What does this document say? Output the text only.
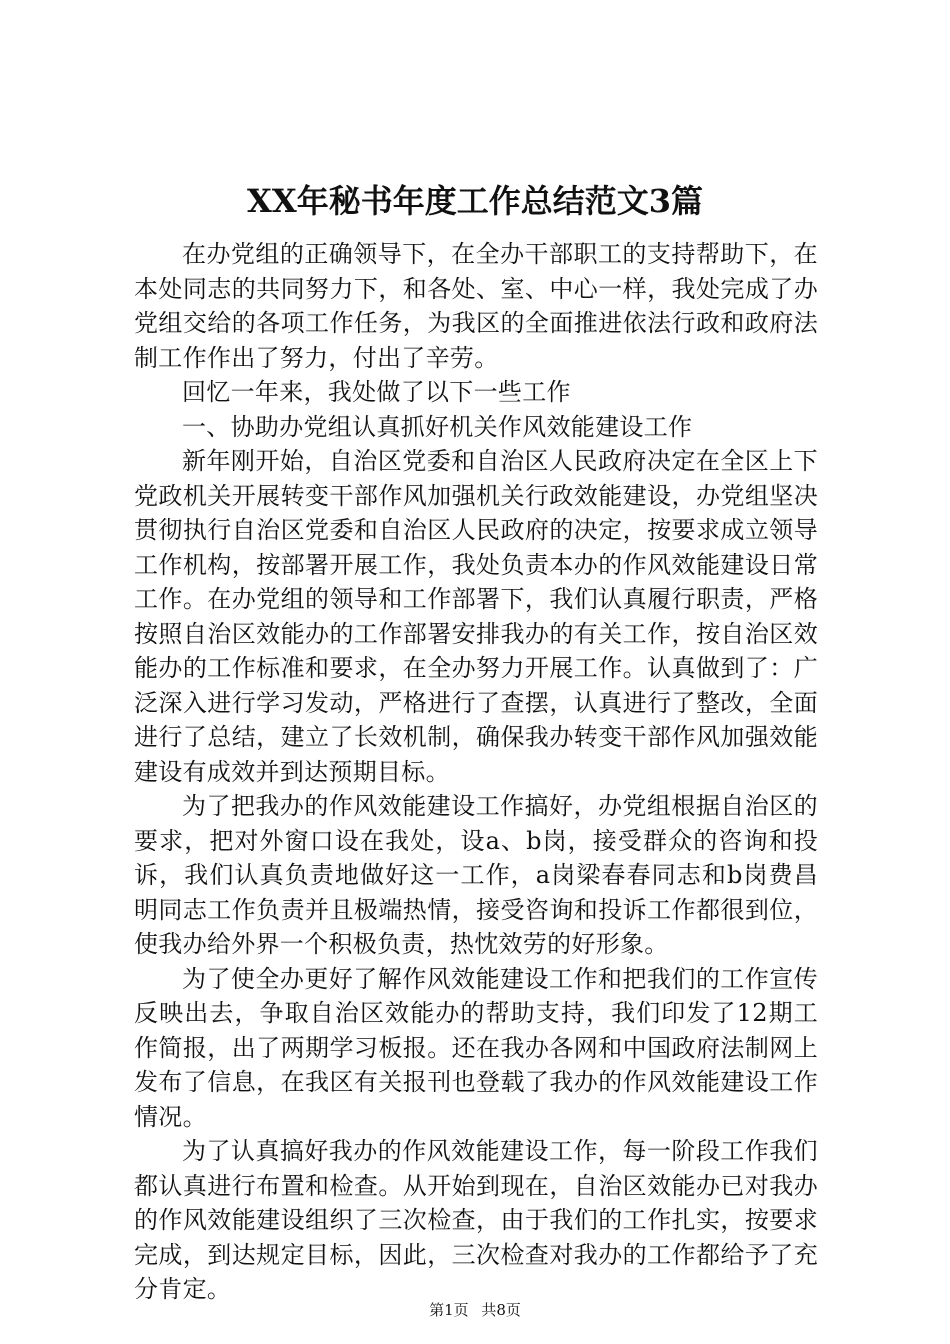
XX年秘书年度工作总结范文3篇

在办党组的正确领导下，在全办干部职工的支持帮助下，在本处同志的共同努力下，和各处、室、中心一样，我处完成了办党组交给的各项工作任务，为我区的全面推进依法行政和政府法制工作作出了努力，付出了辛劳。

回忆一年来，我处做了以下一些工作

一、协助办党组认真抓好机关作风效能建设工作

新年刚开始，自治区党委和自治区人民政府决定在全区上下党政机关开展转变干部作风加强机关行政效能建设，办党组坚决贯彻执行自治区党委和自治区人民政府的决定，按要求成立领导工作机构，按部署开展工作，我处负责本办的作风效能建设日常工作。在办党组的领导和工作部署下，我们认真履行职责，严格按照自治区效能办的工作部署安排我办的有关工作，按自治区效能办的工作标准和要求，在全办努力开展工作。认真做到了：广泛深入进行学习发动，严格进行了查摆，认真进行了整改，全面进行了总结，建立了长效机制，确保我办转变干部作风加强效能建设有成效并到达预期目标。

为了把我办的作风效能建设工作搞好，办党组根据自治区的要求，把对外窗口设在我处，设a、b岗，接受群众的咨询和投诉，我们认真负责地做好这一工作，a岗梁春春同志和b岗费昌明同志工作负责并且极端热情，接受咨询和投诉工作都很到位，使我办给外界一个积极负责，热忱效劳的好形象。

为了使全办更好了解作风效能建设工作和把我们的工作宣传反映出去，争取自治区效能办的帮助支持，我们印发了12期工作简报，出了两期学习板报。还在我办各网和中国政府法制网上发布了信息，在我区有关报刊也登载了我办的作风效能建设工作情况。

为了认真搞好我办的作风效能建设工作，每一阶段工作我们都认真进行布置和检查。从开始到现在，自治区效能办已对我办的作风效能建设组织了三次检查，由于我们的工作扎实，按要求完成，到达规定目标，因此，三次检查对我办的工作都给予了充分肯定。

第1页 共8页
